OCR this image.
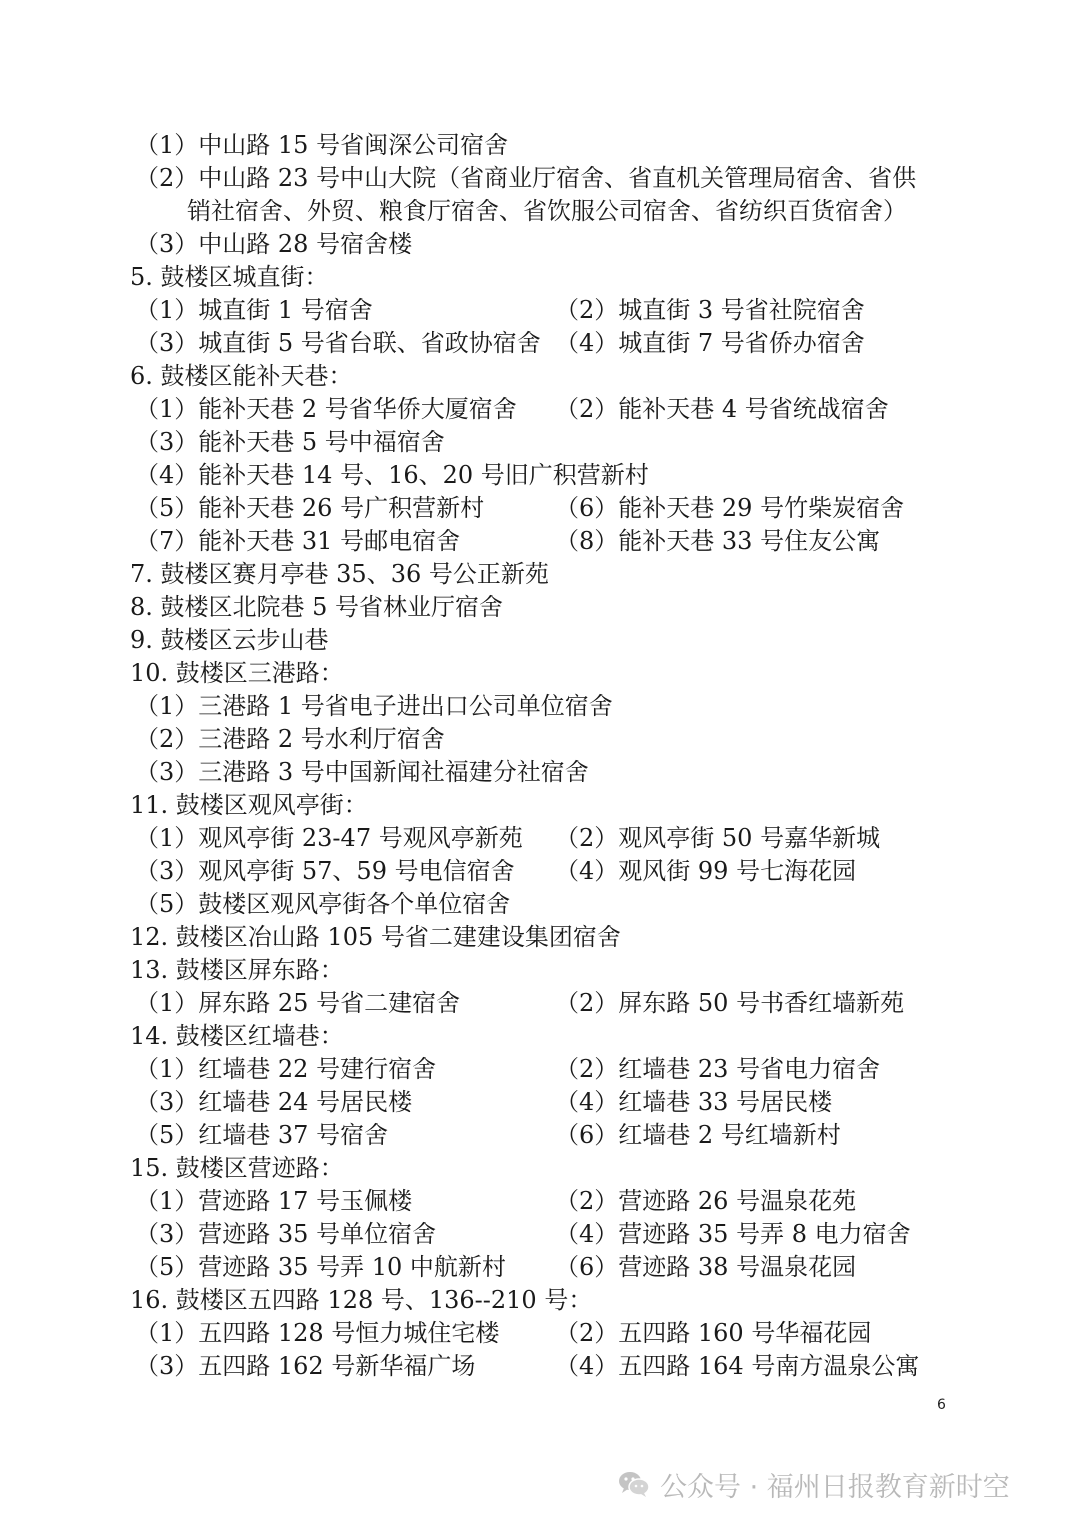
（1）中山路 15 号省闽深公司宿舍
（2）中山路 23 号中山大院（省商业厅宿舍、省直机关管理局宿舍、省供
销社宿舍、外贸、粮食厅宿舍、省饮服公司宿舍、省纺织百货宿舍）
（3）中山路 28 号宿舍楼
5. 鼓楼区城直街：
（1）城直街 1 号宿舍	（2）城直街 3 号省社院宿舍
（3）城直街 5 号省台联、省政协宿舍 （4）城直街 7 号省侨办宿舍
6. 鼓楼区能补天巷：
（1）能补天巷 2 号省华侨大厦宿舍 （2）能补天巷 4 号省统战宿舍
（3）能补天巷 5 号中福宿舍
（4）能补天巷 14 号、16、20 号旧广积营新村
（5）能补天巷 26 号广积营新村	（6）能补天巷 29 号竹柴炭宿舍
（7）能补天巷 31 号邮电宿舍	（8）能补天巷 33 号住友公寓
7. 鼓楼区赛月亭巷 35、36 号公正新苑
8. 鼓楼区北院巷 5 号省林业厅宿舍
9. 鼓楼区云步山巷
10. 鼓楼区三港路：
（1）三港路 1 号省电子进出口公司单位宿舍
（2）三港路 2 号水利厅宿舍
（3）三港路 3 号中国新闻社福建分社宿舍
11. 鼓楼区观风亭街：
（1）观风亭街 23-47 号观风亭新苑 （2）观风亭街 50 号嘉华新城
（3）观风亭街 57、59 号电信宿舍 （4）观风街 99 号七海花园
（5）鼓楼区观风亭街各个单位宿舍
12. 鼓楼区冶山路 105 号省二建建设集团宿舍
13. 鼓楼区屏东路：
（1）屏东路 25 号省二建宿舍	（2）屏东路 50 号书香红墙新苑
14. 鼓楼区红墙巷：
（1）红墙巷 22 号建行宿舍	（2）红墙巷 23 号省电力宿舍
（3）红墙巷 24 号居民楼	（4）红墙巷 33 号居民楼
（5）红墙巷 37 号宿舍	（6）红墙巷 2 号红墙新村
15. 鼓楼区营迹路：
（1）营迹路 17 号玉佩楼	（2）营迹路 26 号温泉花苑
（3）营迹路 35 号单位宿舍	（4）营迹路 35 号弄 8 电力宿舍
（5）营迹路 35 号弄 10 中航新村 （6）营迹路 38 号温泉花园
16. 鼓楼区五四路 128 号、136--210 号：
（1）五四路 128 号恒力城住宅楼 （2）五四路 160 号华福花园
（3）五四路 162 号新华福广场	（4）五四路 164 号南方温泉公寓
6
公众号 · 福州日报教育新时空
